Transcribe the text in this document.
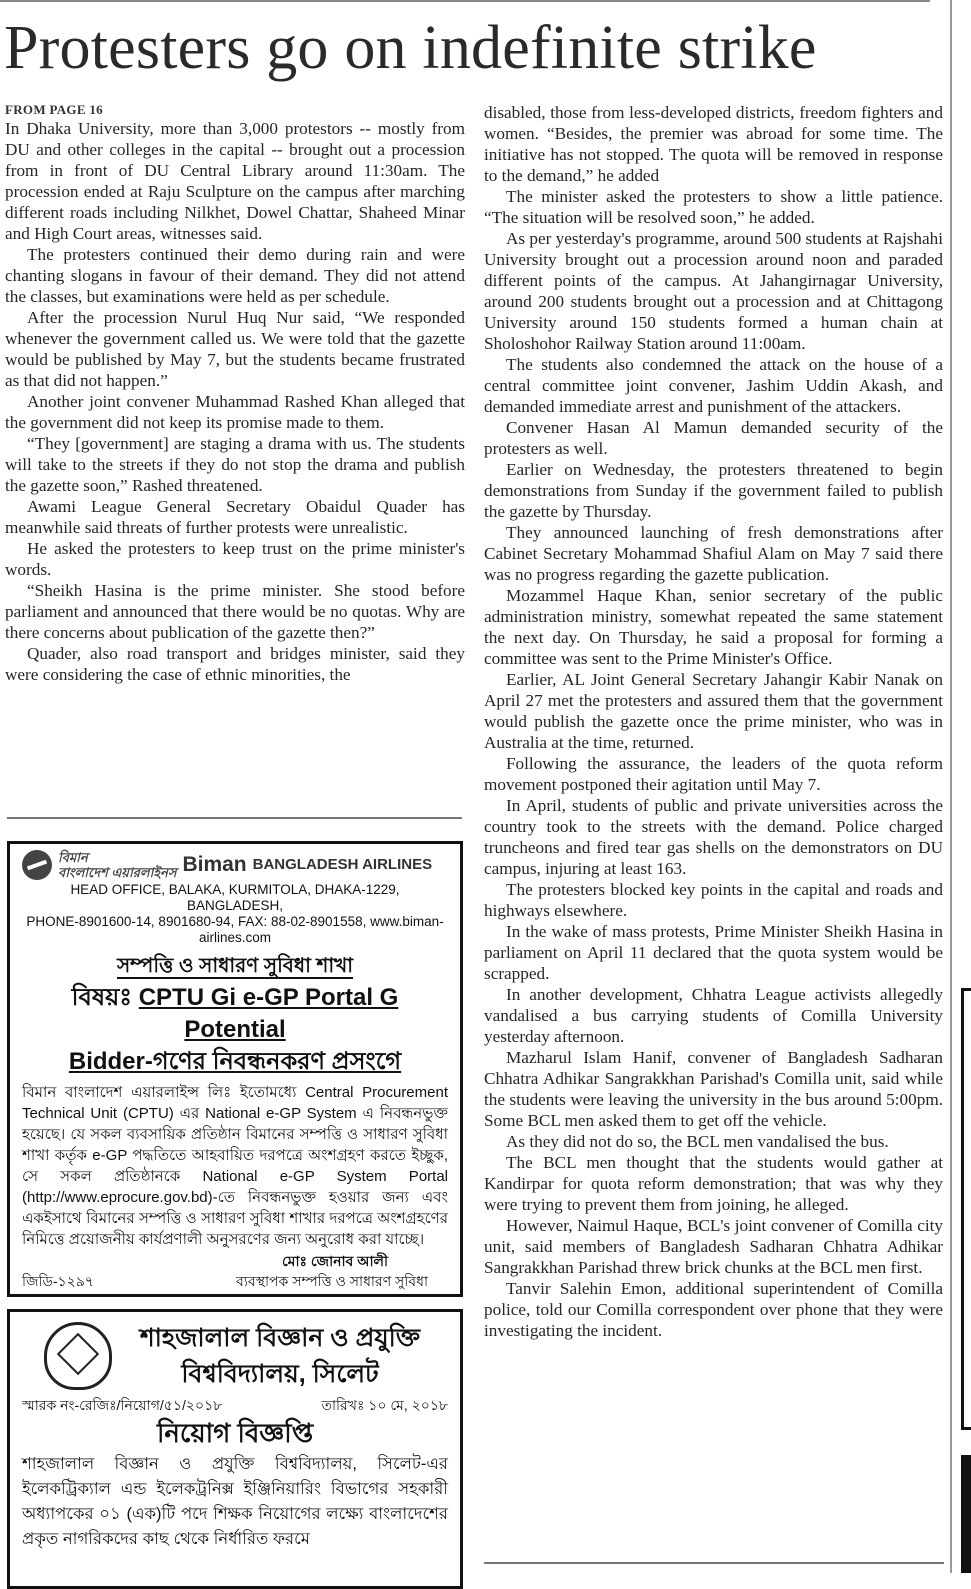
Protesters go on indefinite strike
FROM PAGE 16

In Dhaka University, more than 3,000 protestors -- mostly from DU and other colleges in the capital -- brought out a procession from in front of DU Central Library around 11:30am. The procession ended at Raju Sculpture on the campus after marching different roads including Nilkhet, Dowel Chattar, Shaheed Minar and High Court areas, witnesses said.

The protesters continued their demo during rain and were chanting slogans in favour of their demand. They did not attend the classes, but examinations were held as per schedule.

After the procession Nurul Huq Nur said, “We responded whenever the government called us. We were told that the gazette would be published by May 7, but the students became frustrated as that did not happen.”

Another joint convener Muhammad Rashed Khan alleged that the government did not keep its promise made to them.

“They [government] are staging a drama with us. The students will take to the streets if they do not stop the drama and publish the gazette soon,” Rashed threatened.

Awami League General Secretary Obaidul Quader has meanwhile said threats of further protests were unrealistic.

He asked the protesters to keep trust on the prime minister's words.

“Sheikh Hasina is the prime minister. She stood before parliament and announced that there would be no quotas. Why are there concerns about publication of the gazette then?”

Quader, also road transport and bridges minister, said they were considering the case of ethnic minorities, the

disabled, those from less-developed districts, freedom fighters and women. “Besides, the premier was abroad for some time. The initiative has not stopped. The quota will be removed in response to the demand,” he added

The minister asked the protesters to show a little patience. “The situation will be resolved soon,” he added.

As per yesterday's programme, around 500 students at Rajshahi University brought out a procession around noon and paraded different points of the campus. At Jahangirnagar University, around 200 students brought out a procession and at Chittagong University around 150 students formed a human chain at Sholoshohor Railway Station around 11:00am.

The students also condemned the attack on the house of a central committee joint convener, Jashim Uddin Akash, and demanded immediate arrest and punishment of the attackers.

Convener Hasan Al Mamun demanded security of the protesters as well.

Earlier on Wednesday, the protesters threatened to begin demonstrations from Sunday if the government failed to publish the gazette by Thursday.

They announced launching of fresh demonstrations after Cabinet Secretary Mohammad Shafiul Alam on May 7 said there was no progress regarding the gazette publication.

Mozammel Haque Khan, senior secretary of the public administration ministry, somewhat repeated the same statement the next day. On Thursday, he said a proposal for forming a committee was sent to the Prime Minister's Office.

Earlier, AL Joint General Secretary Jahangir Kabir Nanak on April 27 met the protesters and assured them that the government would publish the gazette once the prime minister, who was in Australia at the time, returned.

Following the assurance, the leaders of the quota reform movement postponed their agitation until May 7.

In April, students of public and private universities across the country took to the streets with the demand. Police charged truncheons and fired tear gas shells on the demonstrators on DU campus, injuring at least 163.

The protesters blocked key points in the capital and roads and highways elsewhere.

In the wake of mass protests, Prime Minister Sheikh Hasina in parliament on April 11 declared that the quota system would be scrapped.

In another development, Chhatra League activists allegedly vandalised a bus carrying students of Comilla University yesterday afternoon.

Mazharul Islam Hanif, convener of Bangladesh Sadharan Chhatra Adhikar Sangrakkhan Parishad's Comilla unit, said while the students were leaving the university in the bus around 5:00pm. Some BCL men asked them to get off the vehicle.

As they did not do so, the BCL men vandalised the bus.

The BCL men thought that the students would gather at Kandirpar for quota reform demonstration; that was why they were trying to prevent them from joining, he alleged.

However, Naimul Haque, BCL's joint convener of Comilla city unit, said members of Bangladesh Sadharan Chhatra Adhikar Sangrakkhan Parishad threw brick chunks at the BCL men first.

Tanvir Salehin Emon, additional superintendent of Comilla police, told our Comilla correspondent over phone that they were investigating the incident.

শাহজালাল বিজ্ঞান ও প্রযুক্তি
বিশ্ববিদ্যালয়, সিলেট
স্মারক নং-রেজিঃ/নিয়োগ/৫১/২০১৮	তারিখঃ ১০ মে, ২০১৮
নিয়োগ বিজ্ঞপ্তি
শাহজালাল বিজ্ঞান ও প্রযুক্তি বিশ্ববিদ্যালয়, সিলেট-এর ইলেকট্রিক্যাল এন্ড ইলেকট্রনিক্স ইঞ্জিনিয়ারিং বিভাগের সহকারী অধ্যাপকের ০১ (এক)টি পদে শিক্ষক নিয়োগের লক্ষ্যে বাংলাদেশের প্রকৃত নাগরিকদের কাছ থেকে নির্ধারিত ফরমে
বিমান
বাংলাদেশ এয়ারলাইনস Biman BANGLADESH AIRLINES
HEAD OFFICE, BALAKA, KURMITOLA, DHAKA-1229, BANGLADESH,
PHONE-8901600-14, 8901680-94, FAX: 88-02-8901558, www.biman-airlines.com
সম্পত্তি ও সাধারণ সুবিধা শাখা
বিষয়ঃ CPTU Gi e-GP Portal G Potential
Bidder-গণের নিবন্ধনকরণ প্রসংগে
বিমান বাংলাদেশ এয়ারলাইন্স লিঃ ইতোমধ্যে Central Procurement Technical Unit (CPTU) এর National e-GP System এ নিবন্ধনভুক্ত হয়েছে। যে সকল ব্যবসায়িক প্রতিষ্ঠান বিমানের সম্পত্তি ও সাধারণ সুবিধা শাখা কর্তৃক e-GP পদ্ধতিতে আহবায়িত দরপত্রে অংশগ্রহণ করতে ইচ্ছুক, সে সকল প্রতিষ্ঠানকে National e-GP System Portal (http://www.eprocure.gov.bd)-তে নিবন্ধনভুক্ত হওয়ার জন্য এবং একইসাথে বিমানের সম্পত্তি ও সাধারণ সুবিধা শাখার দরপত্রে অংশগ্রহণের নিমিত্তে প্রয়োজনীয় কার্যপ্রণালী অনুসরণের জন্য অনুরোধ করা যাচ্ছে।
মোঃ জোনাব আলী
জিডি-১২৯৭	ব্যবস্থাপক সম্পত্তি ও সাধারণ সুবিধা
